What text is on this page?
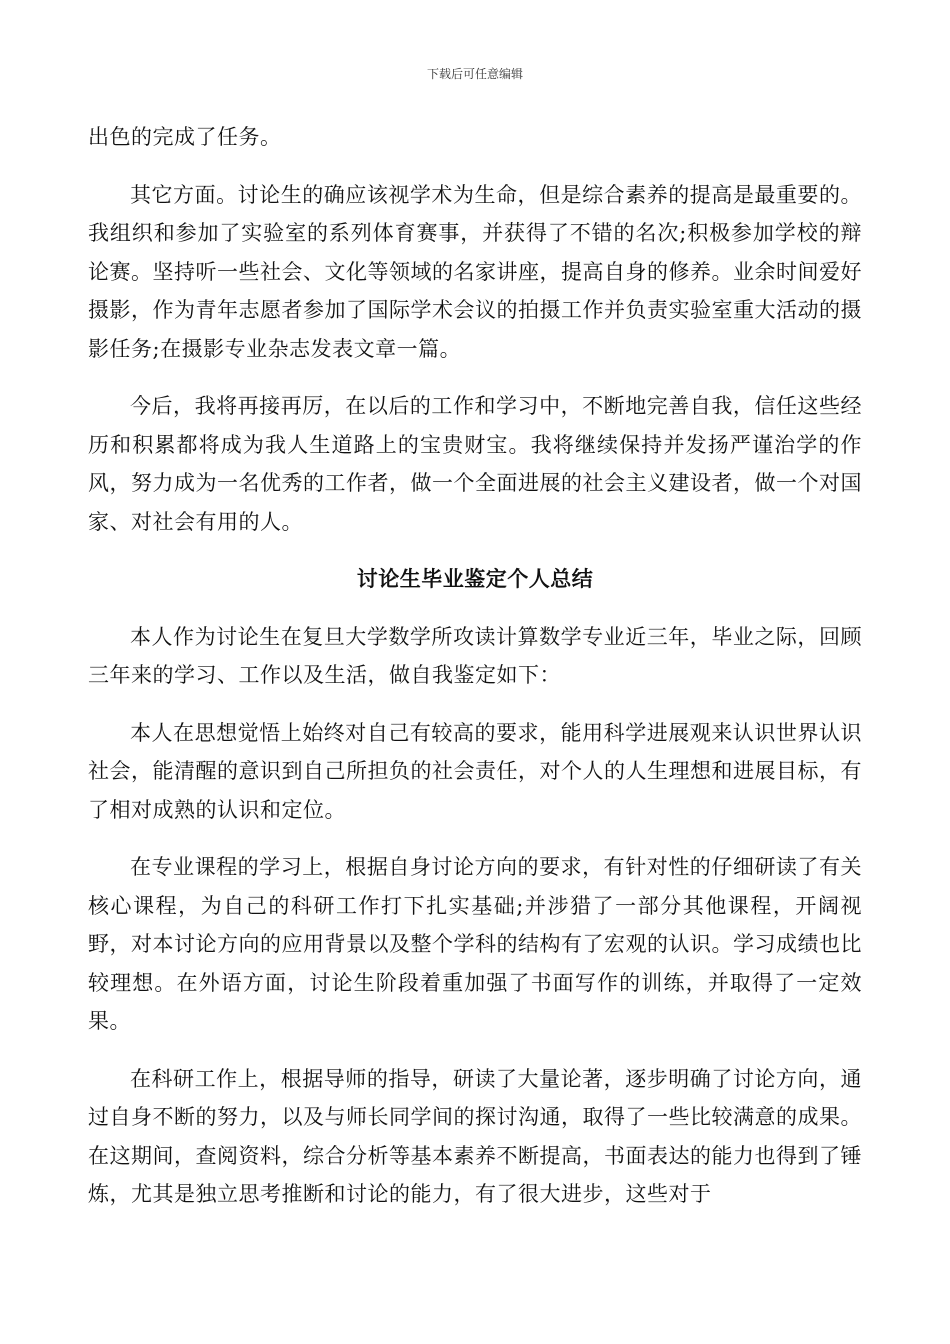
下载后可任意编辑

出色的完成了任务。

其它方面。讨论生的确应该视学术为生命，但是综合素养的提高是最重要的。我组织和参加了实验室的系列体育赛事，并获得了不错的名次;积极参加学校的辩论赛。坚持听一些社会、文化等领域的名家讲座，提高自身的修养。业余时间爱好摄影，作为青年志愿者参加了国际学术会议的拍摄工作并负责实验室重大活动的摄影任务;在摄影专业杂志发表文章一篇。

今后，我将再接再厉，在以后的工作和学习中，不断地完善自我，信任这些经历和积累都将成为我人生道路上的宝贵财宝。我将继续保持并发扬严谨治学的作风，努力成为一名优秀的工作者，做一个全面进展的社会主义建设者，做一个对国家、对社会有用的人。

讨论生毕业鉴定个人总结

本人作为讨论生在复旦大学数学所攻读计算数学专业近三年，毕业之际，回顾三年来的学习、工作以及生活，做自我鉴定如下：

本人在思想觉悟上始终对自己有较高的要求，能用科学进展观来认识世界认识社会，能清醒的意识到自己所担负的社会责任，对个人的人生理想和进展目标，有了相对成熟的认识和定位。

在专业课程的学习上，根据自身讨论方向的要求，有针对性的仔细研读了有关核心课程，为自己的科研工作打下扎实基础;并涉猎了一部分其他课程，开阔视野，对本讨论方向的应用背景以及整个学科的结构有了宏观的认识。学习成绩也比较理想。在外语方面，讨论生阶段着重加强了书面写作的训练，并取得了一定效果。

在科研工作上，根据导师的指导，研读了大量论著，逐步明确了讨论方向，通过自身不断的努力，以及与师长同学间的探讨沟通，取得了一些比较满意的成果。在这期间，查阅资料，综合分析等基本素养不断提高，书面表达的能力也得到了锤炼，尤其是独立思考推断和讨论的能力，有了很大进步，这些对于
